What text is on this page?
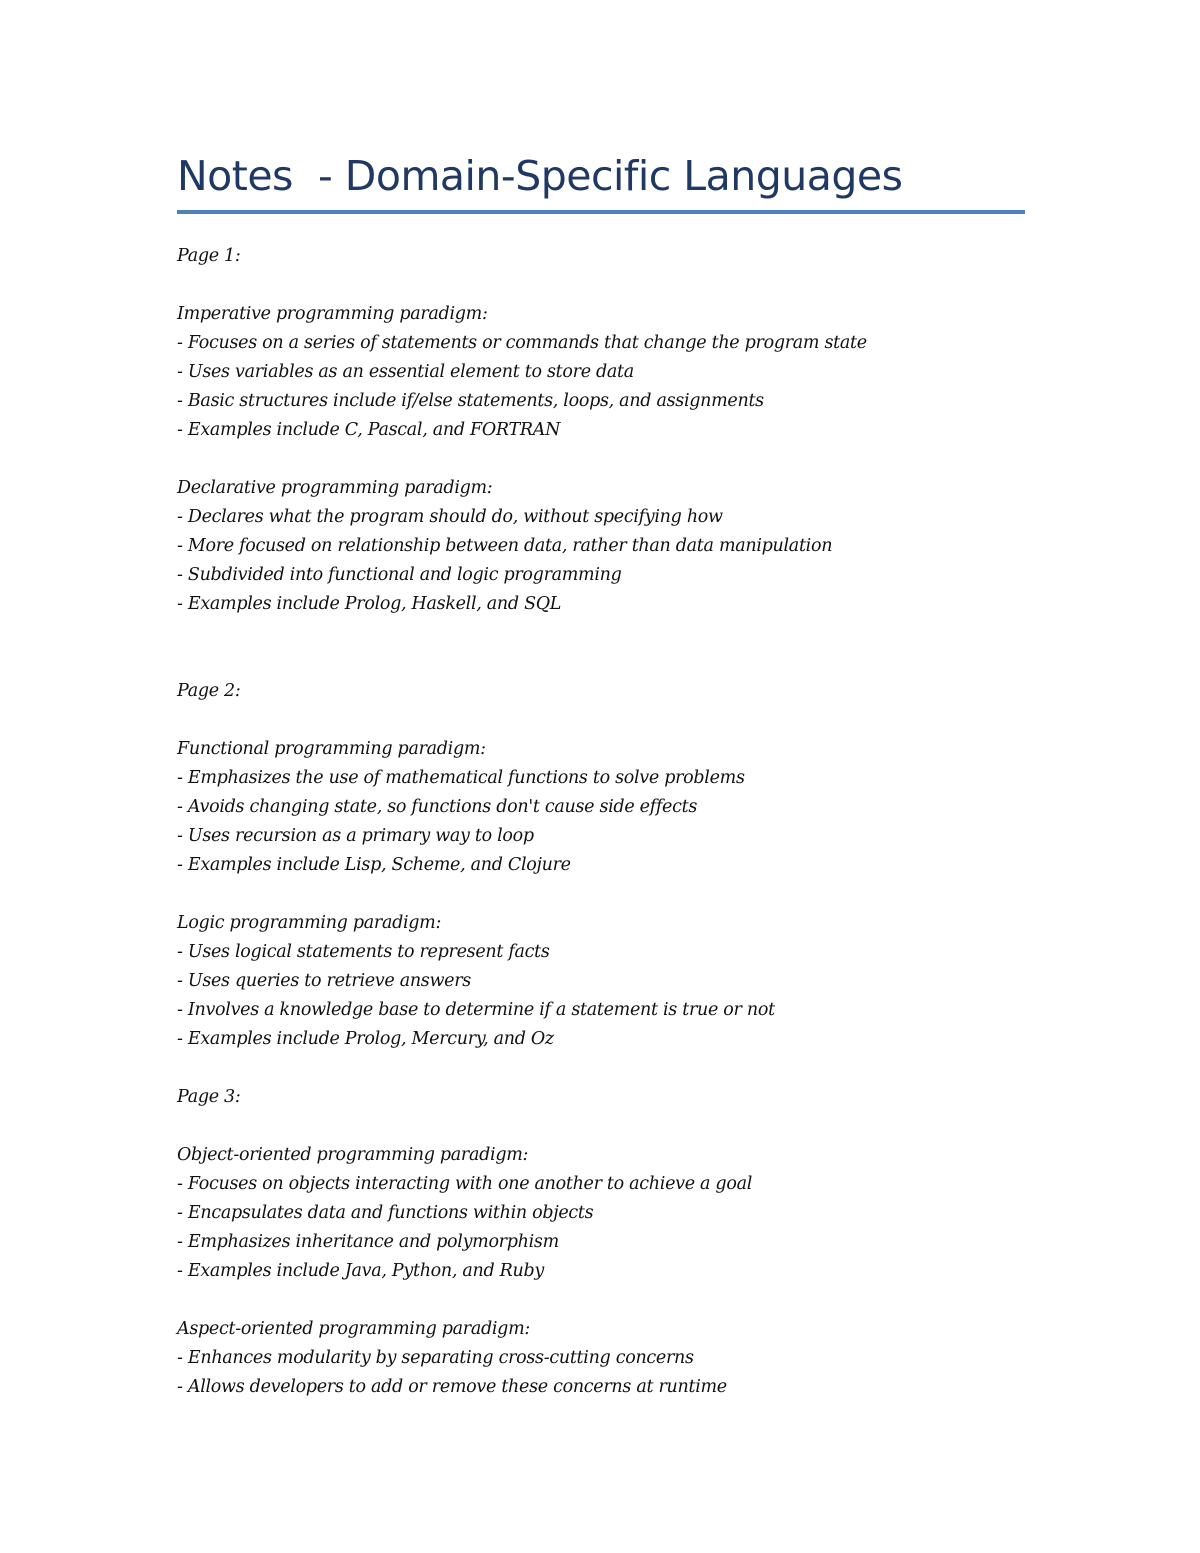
Notes  - Domain-Specific Languages
Page 1:
Imperative programming paradigm:
- Focuses on a series of statements or commands that change the program state
- Uses variables as an essential element to store data
- Basic structures include if/else statements, loops, and assignments
- Examples include C, Pascal, and FORTRAN
Declarative programming paradigm:
- Declares what the program should do, without specifying how
- More focused on relationship between data, rather than data manipulation
- Subdivided into functional and logic programming
- Examples include Prolog, Haskell, and SQL
Page 2:
Functional programming paradigm:
- Emphasizes the use of mathematical functions to solve problems
- Avoids changing state, so functions don't cause side effects
- Uses recursion as a primary way to loop
- Examples include Lisp, Scheme, and Clojure
Logic programming paradigm:
- Uses logical statements to represent facts
- Uses queries to retrieve answers
- Involves a knowledge base to determine if a statement is true or not
- Examples include Prolog, Mercury, and Oz
Page 3:
Object-oriented programming paradigm:
- Focuses on objects interacting with one another to achieve a goal
- Encapsulates data and functions within objects
- Emphasizes inheritance and polymorphism
- Examples include Java, Python, and Ruby
Aspect-oriented programming paradigm:
- Enhances modularity by separating cross-cutting concerns
- Allows developers to add or remove these concerns at runtime
